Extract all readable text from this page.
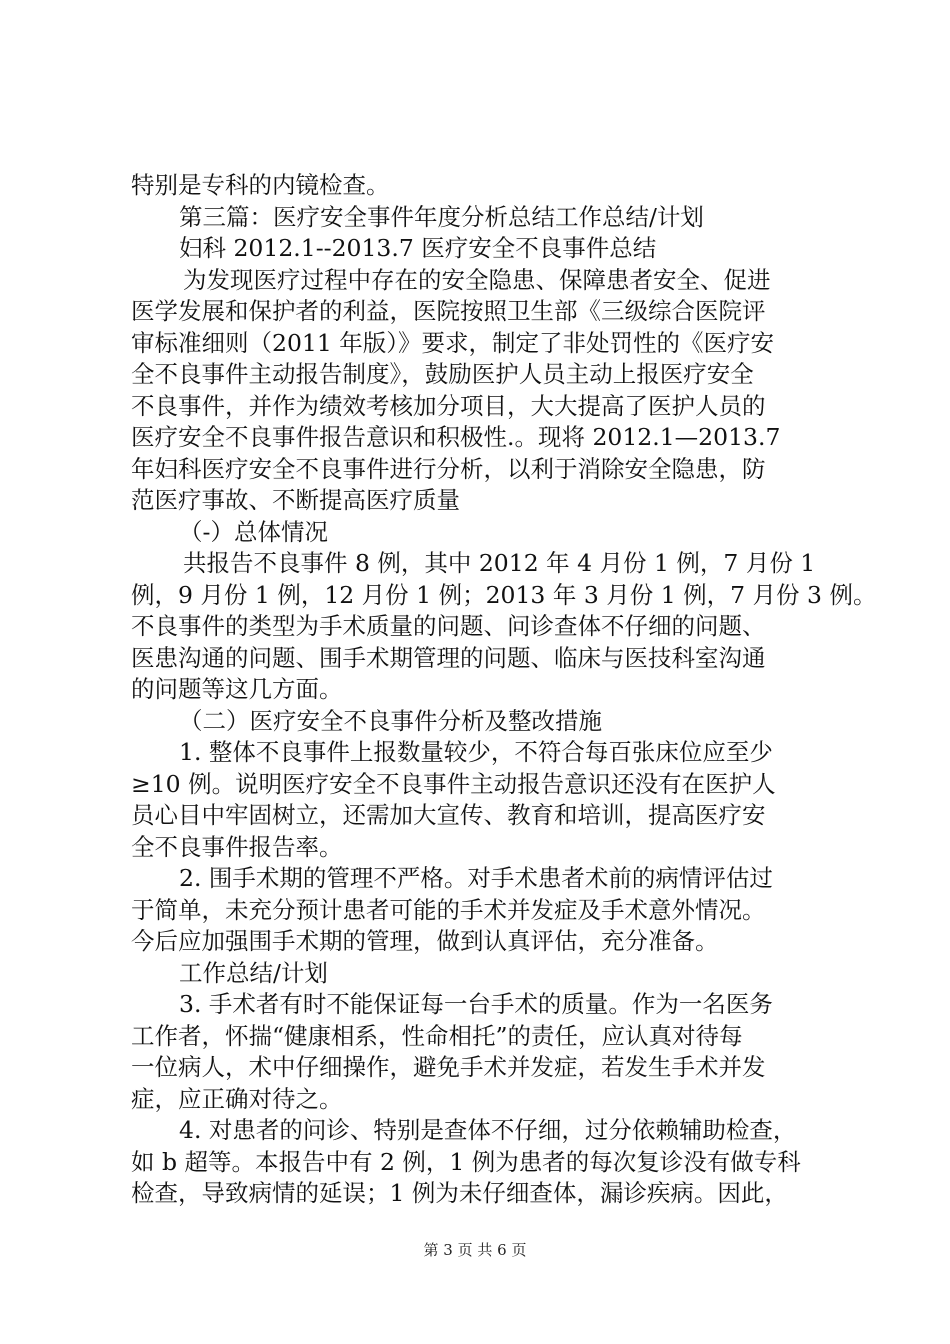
特别是专科的内镜检查。
第三篇：医疗安全事件年度分析总结工作总结/计划
妇科 2012.1--2013.7 医疗安全不良事件总结
为发现医疗过程中存在的安全隐患、保障患者安全、促进
医学发展和保护者的利益，医院按照卫生部《三级综合医院评
审标准细则（2011 年版）》要求，制定了非处罚性的《医疗安
全不良事件主动报告制度》，鼓励医护人员主动上报医疗安全
不良事件，并作为绩效考核加分项目，大大提高了医护人员的
医疗安全不良事件报告意识和积极性.。现将 2012.1—2013.7
年妇科医疗安全不良事件进行分析，以利于消除安全隐患，防
范医疗事故、不断提高医疗质量
（-）总体情况
共报告不良事件 8 例，其中 2012 年 4 月份 1 例，7 月份 1
例，9 月份 1 例，12 月份 1 例；2013 年 3 月份 1 例，7 月份 3 例。
不良事件的类型为手术质量的问题、问诊查体不仔细的问题、
医患沟通的问题、围手术期管理的问题、临床与医技科室沟通
的问题等这几方面。
（二）医疗安全不良事件分析及整改措施
1. 整体不良事件上报数量较少，不符合每百张床位应至少
≥10 例。说明医疗安全不良事件主动报告意识还没有在医护人
员心目中牢固树立，还需加大宣传、教育和培训，提高医疗安
全不良事件报告率。
2. 围手术期的管理不严格。对手术患者术前的病情评估过
于简单，未充分预计患者可能的手术并发症及手术意外情况。
今后应加强围手术期的管理，做到认真评估，充分准备。
工作总结/计划
3. 手术者有时不能保证每一台手术的质量。作为一名医务
工作者，怀揣“健康相系，性命相托”的责任，应认真对待每
一位病人，术中仔细操作，避免手术并发症，若发生手术并发
症，应正确对待之。
4. 对患者的问诊、特别是查体不仔细，过分依赖辅助检查，
如 b 超等。本报告中有 2 例，1 例为患者的每次复诊没有做专科
检查，导致病情的延误；1 例为未仔细查体，漏诊疾病。因此，
第 3 页 共 6 页
